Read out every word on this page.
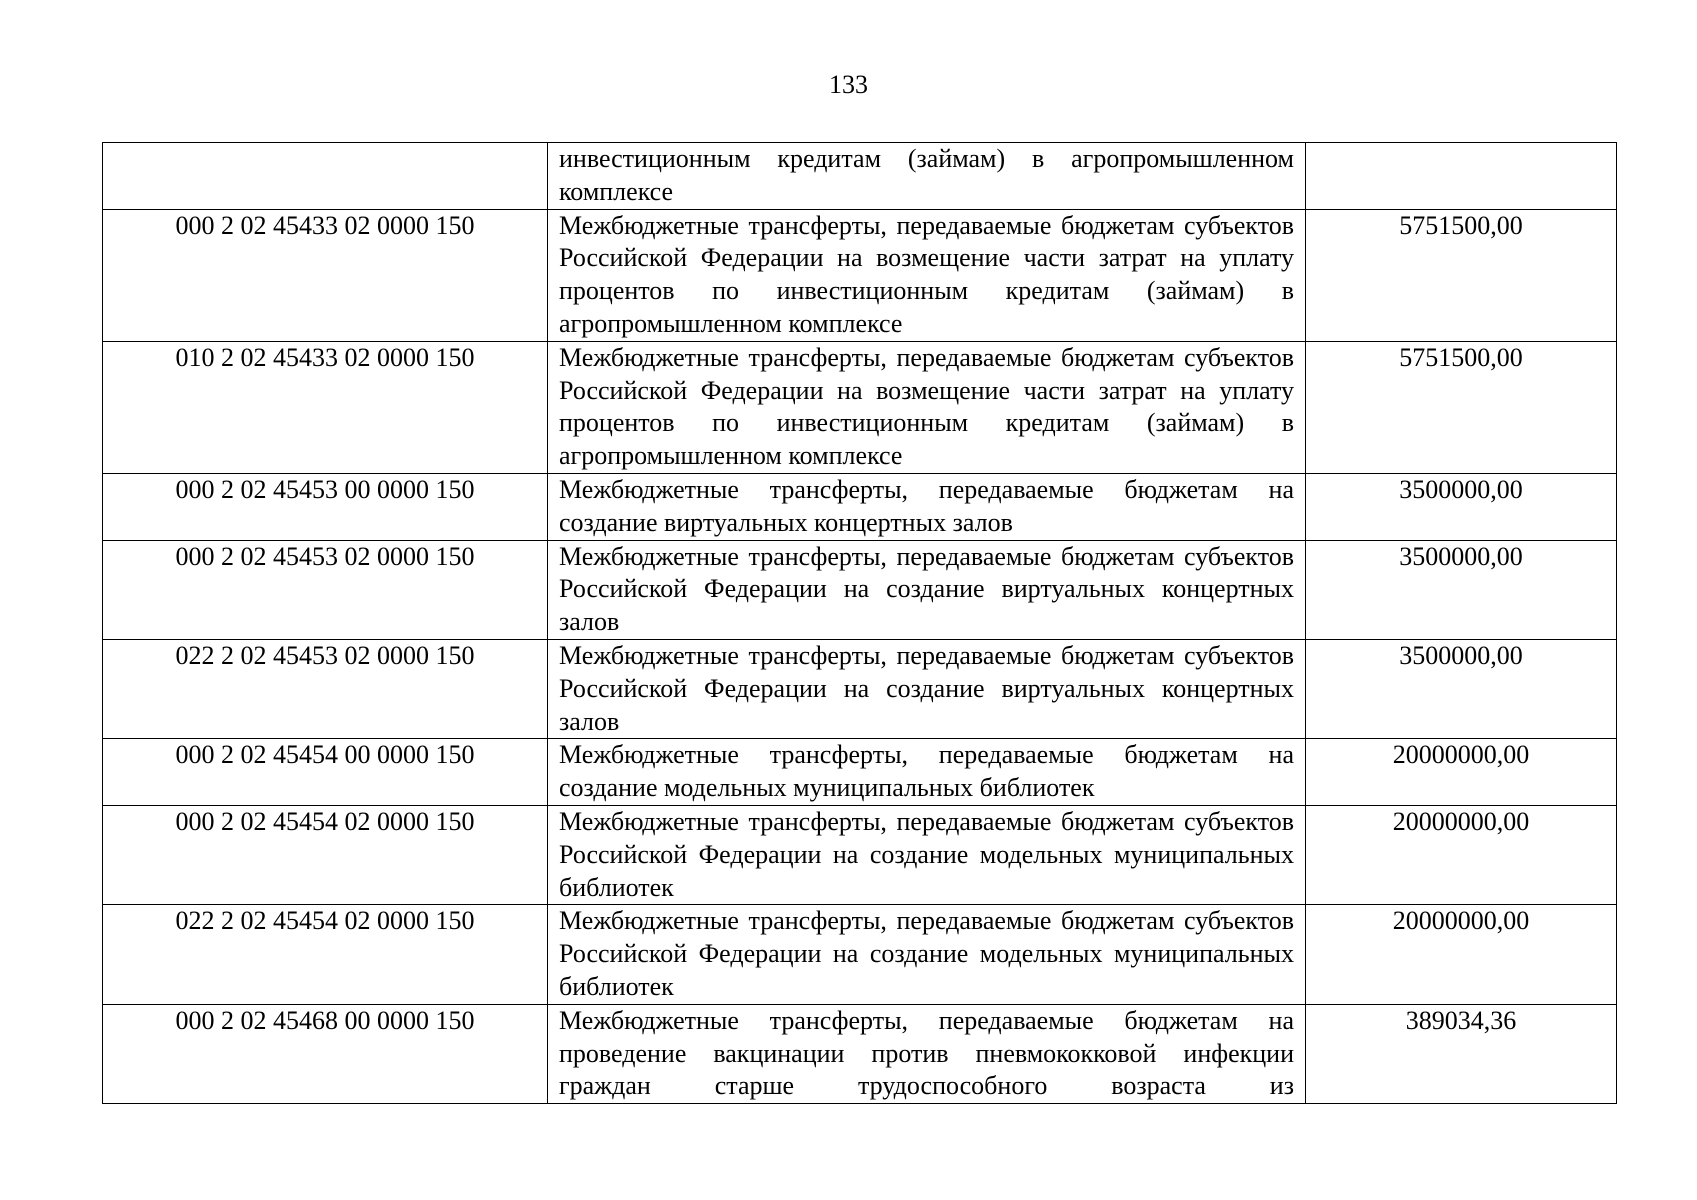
133
	инвестиционным кредитам (займам) в агропромышленном комплексе	
000 2 02 45433 02 0000 150	Межбюджетные трансферты, передаваемые бюджетам субъектов Российской Федерации на возмещение части затрат на уплату процентов по инвестиционным кредитам (займам) в агропромышленном комплексе	5751500,00
010 2 02 45433 02 0000 150	Межбюджетные трансферты, передаваемые бюджетам субъектов Российской Федерации на возмещение части затрат на уплату процентов по инвестиционным кредитам (займам) в агропромышленном комплексе	5751500,00
000 2 02 45453 00 0000 150	Межбюджетные трансферты, передаваемые бюджетам на создание виртуальных концертных залов	3500000,00
000 2 02 45453 02 0000 150	Межбюджетные трансферты, передаваемые бюджетам субъектов Российской Федерации на создание виртуальных концертных залов	3500000,00
022 2 02 45453 02 0000 150	Межбюджетные трансферты, передаваемые бюджетам субъектов Российской Федерации на создание виртуальных концертных залов	3500000,00
000 2 02 45454 00 0000 150	Межбюджетные трансферты, передаваемые бюджетам на создание модельных муниципальных библиотек	20000000,00
000 2 02 45454 02 0000 150	Межбюджетные трансферты, передаваемые бюджетам субъектов Российской Федерации на создание модельных муниципальных библиотек	20000000,00
022 2 02 45454 02 0000 150	Межбюджетные трансферты, передаваемые бюджетам субъектов Российской Федерации на создание модельных муниципальных библиотек	20000000,00
000 2 02 45468 00 0000 150	Межбюджетные трансферты, передаваемые бюджетам на проведение вакцинации против пневмококковой инфекции граждан старше трудоспособного возраста из	389034,36
